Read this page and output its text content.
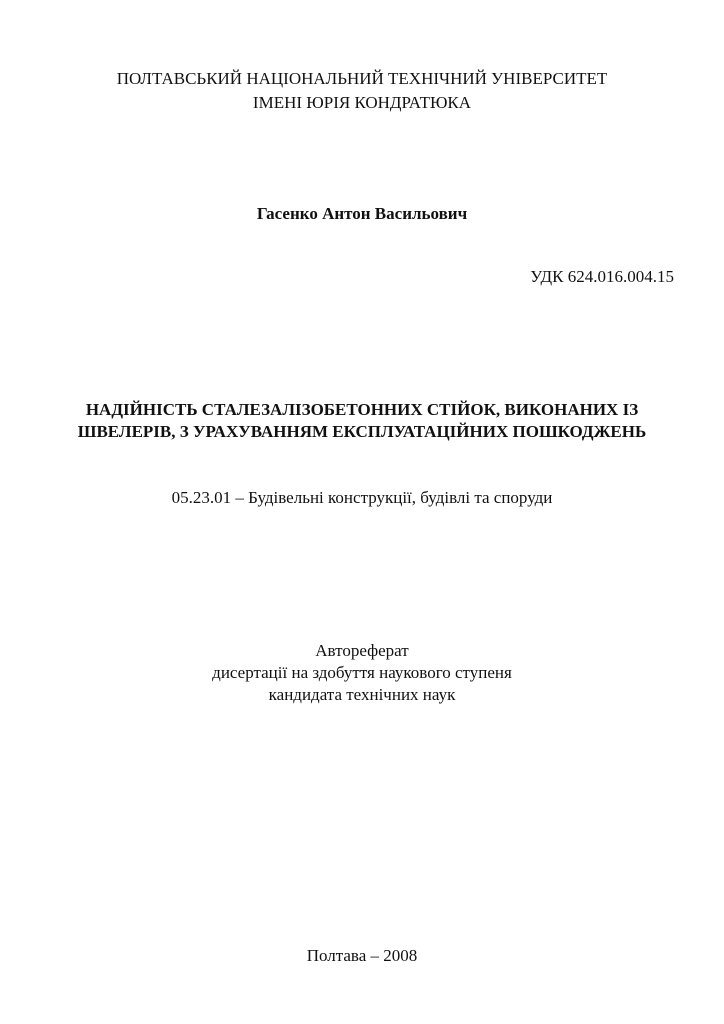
ПОЛТАВСЬКИЙ НАЦІОНАЛЬНИЙ ТЕХНІЧНИЙ УНІВЕРСИТЕТ
ІМЕНІ ЮРІЯ КОНДРАТЮКА
Гасенко Антон Васильович
УДК 624.016.004.15
НАДІЙНІСТЬ СТАЛЕЗАЛІЗОБЕТОННИХ СТІЙОК, ВИКОНАНИХ ІЗ
ШВЕЛЕРІВ, З УРАХУВАННЯМ ЕКСПЛУАТАЦІЙНИХ ПОШКОДЖЕНЬ
05.23.01 – Будівельні конструкції, будівлі та споруди
Автореферат
дисертації на здобуття наукового ступеня
кандидата технічних наук
Полтава – 2008
